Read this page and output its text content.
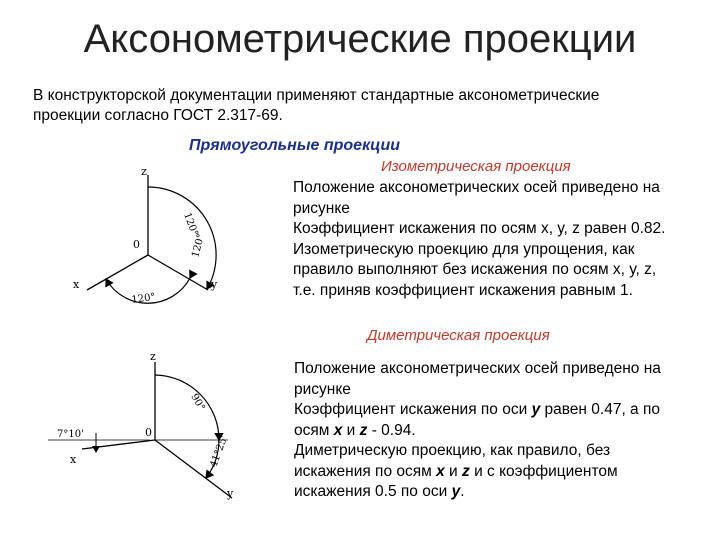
Аксонометрические проекции
В конструкторской документации применяют стандартные аксонометрические
проекции согласно ГОСТ 2.317-69.
Прямоугольные проекции
Изометрическая проекция
Положение аксонометрических осей приведено на
рисунке
Коэффициент искажения по осям х, у, z равен 0.82.
Изометрическую проекцию для упрощения, как
правило выполняют без искажения по осям х, у, z,
т.е. приняв коэффициент искажения равным 1.
Диметрическая проекция
Положение аксонометрических осей приведено на
рисунке
Коэффициент искажения по оси у равен 0.47, а по
осям х и z - 0.94.
Диметрическую проекцию, как правило, без
искажения по осям х и z и с коэффициентом
искажения 0.5 по оси у.
z
x	y
0
120°
120°
120°
z
x
y
0
90°
7°10'	41°25'
